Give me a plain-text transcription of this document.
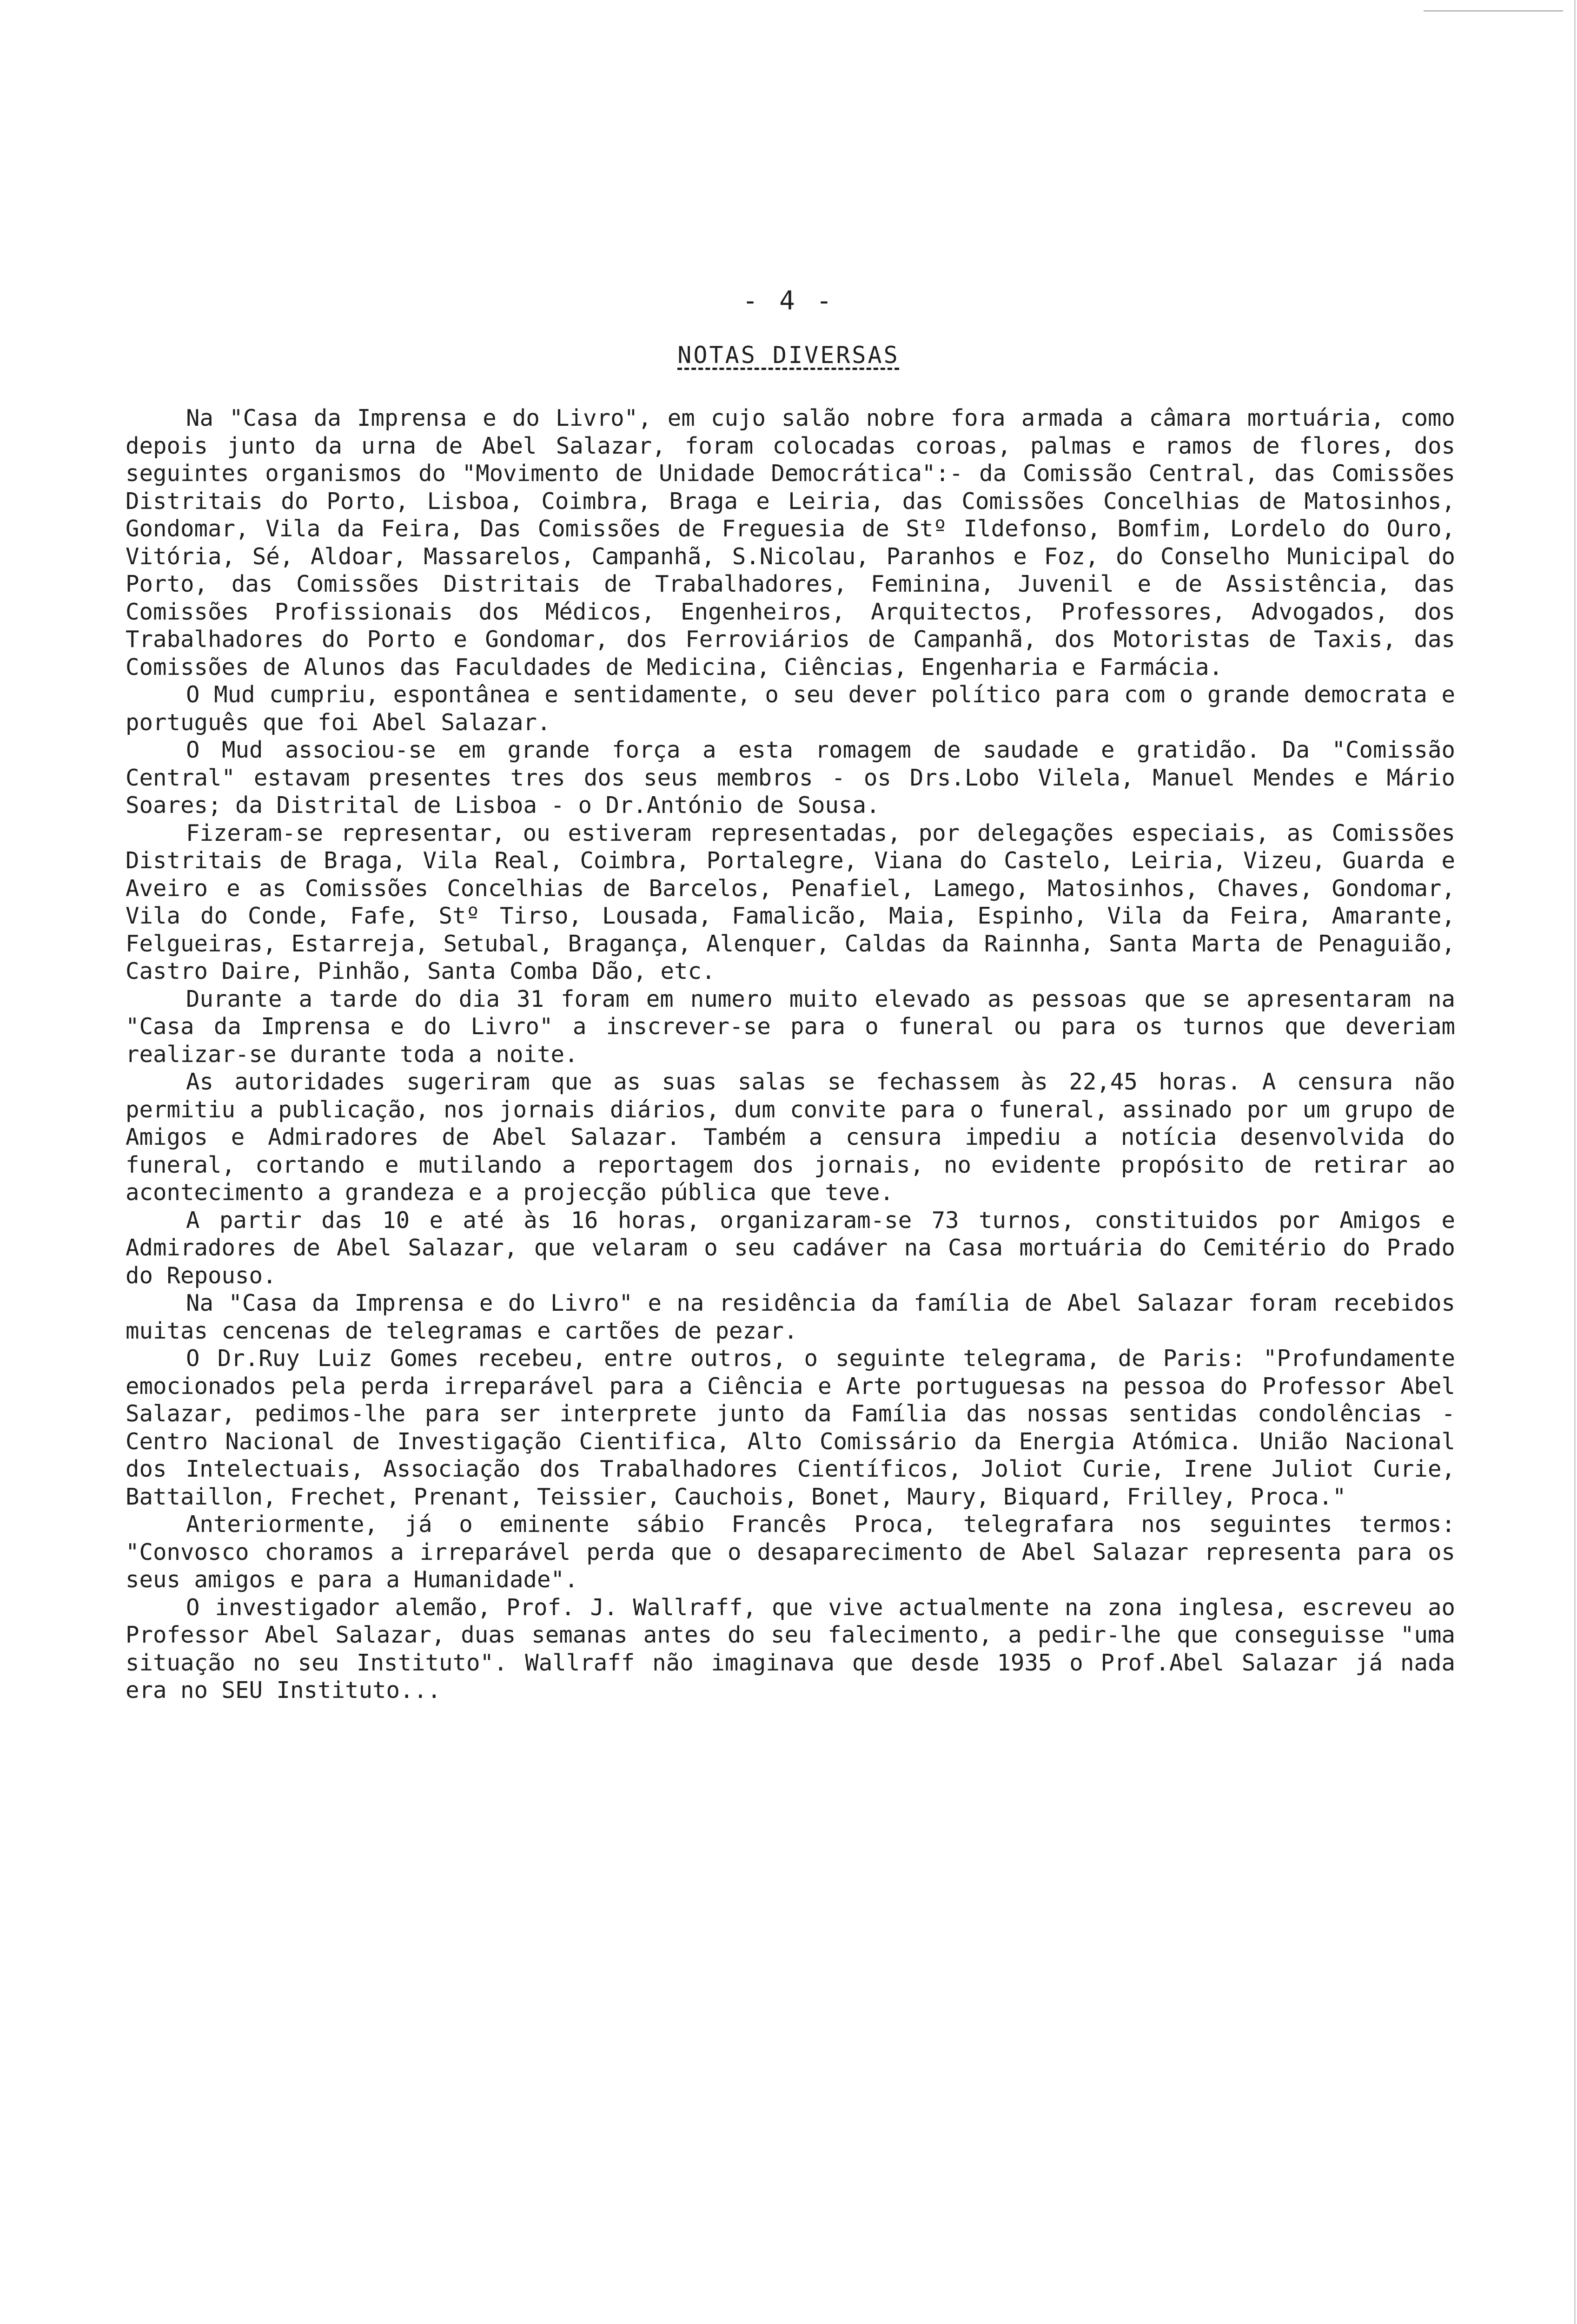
- 4 -
NOTAS DIVERSAS

Na "Casa da Imprensa e do Livro", em cujo salão nobre fora armada a câmara mortuária, como depois junto da urna de Abel Salazar, foram colocadas coroas, palmas e ramos de flores, dos seguintes organismos do "Movimento de Unidade Democrática":- da Comissão Central, das Comissões Distritais do Porto, Lisboa, Coimbra, Braga e Leiria, das Comissões Concelhias de Matosinhos, Gondomar, Vila da Feira, Das Comissões de Freguesia de Stº Ildefonso, Bomfim, Lordelo do Ouro, Vitória, Sé, Aldoar, Massarelos, Campanhã, S.Nicolau, Paranhos e Foz, do Conselho Municipal do Porto, das Comissões Distritais de Trabalhadores, Feminina, Juvenil e de Assistência, das Comissões Profissionais dos Médicos, Engenheiros, Arquitectos, Professores, Advogados, dos Trabalhadores do Porto e Gondomar, dos Ferroviários de Campanhã, dos Motoristas de Taxis, das Comissões de Alunos das Faculdades de Medicina, Ciências, Engenharia e Farmácia.

O Mud cumpriu, espontânea e sentidamente, o seu dever político para com o grande democrata e português que foi Abel Salazar.

O Mud associou-se em grande força a esta romagem de saudade e gratidão. Da "Comissão Central" estavam presentes tres dos seus membros - os Drs.Lobo Vilela, Manuel Mendes e Mário Soares; da Distrital de Lisboa - o Dr.António de Sousa.

Fizeram-se representar, ou estiveram representadas, por delegações especiais, as Comissões Distritais de Braga, Vila Real, Coimbra, Portalegre, Viana do Castelo, Leiria, Vizeu, Guarda e Aveiro e as Comissões Concelhias de Barcelos, Penafiel, Lamego, Matosinhos, Chaves, Gondomar, Vila do Conde, Fafe, Stº Tirso, Lousada, Famalicão, Maia, Espinho, Vila da Feira, Amarante, Felgueiras, Estarreja, Setubal, Bragança, Alenquer, Caldas da Rainnha, Santa Marta de Penaguião, Castro Daire, Pinhão, Santa Comba Dão, etc.

Durante a tarde do dia 31 foram em numero muito elevado as pessoas que se apresentaram na "Casa da Imprensa e do Livro" a inscrever-se para o funeral ou para os turnos que deveriam realizar-se durante toda a noite.

As autoridades sugeriram que as suas salas se fechassem às 22,45 horas. A censura não permitiu a publicação, nos jornais diários, dum convite para o funeral, assinado por um grupo de Amigos e Admiradores de Abel Salazar. Também a censura impediu a notícia desenvolvida do funeral, cortando e mutilando a reportagem dos jornais, no evidente propósito de retirar ao acontecimento a grandeza e a projecção pública que teve.

A partir das 10 e até às 16 horas, organizaram-se 73 turnos, constituidos por Amigos e Admiradores de Abel Salazar, que velaram o seu cadáver na Casa mortuária do Cemitério do Prado do Repouso.

Na "Casa da Imprensa e do Livro" e na residência da família de Abel Salazar foram recebidos muitas cencenas de telegramas e cartões de pezar.

O Dr.Ruy Luiz Gomes recebeu, entre outros, o seguinte telegrama, de Paris: "Profundamente emocionados pela perda irreparável para a Ciência e Arte portuguesas na pessoa do Professor Abel Salazar, pedimos-lhe para ser interprete junto da Família das nossas sentidas condolências - Centro Nacional de Investigação Cientifica, Alto Comissário da Energia Atómica. União Nacional dos Intelectuais, Associação dos Trabalhadores Científicos, Joliot Curie, Irene Juliot Curie, Battaillon, Frechet, Prenant, Teissier, Cauchois, Bonet, Maury, Biquard, Frilley, Proca."

Anteriormente, já o eminente sábio Francês Proca, telegrafara nos seguintes termos: "Convosco choramos a irreparável perda que o desaparecimento de Abel Salazar representa para os seus amigos e para a Humanidade".

O investigador alemão, Prof. J. Wallraff, que vive actualmente na zona inglesa, escreveu ao Professor Abel Salazar, duas semanas antes do seu falecimento, a pedir-lhe que conseguisse "uma situação no seu Instituto". Wallraff não imaginava que desde 1935 o Prof.Abel Salazar já nada era no SEU Instituto...
